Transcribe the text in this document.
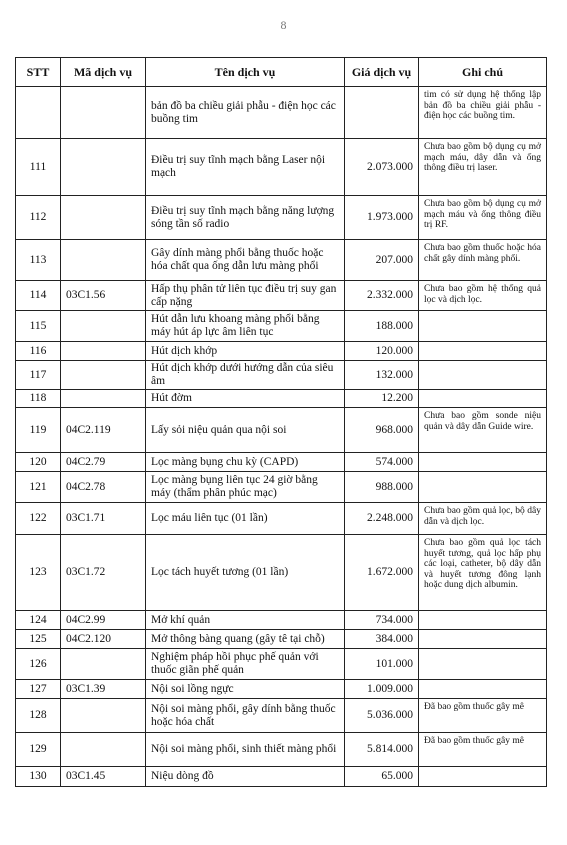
8
STT	Mã dịch vụ	Tên dịch vụ	Giá dịch vụ	Ghi chú
		bản đồ ba chiều giải phẫu - điện học các buồng tim		tim có sử dụng hệ thống lập bản đồ ba chiều giải phẫu - điện học các buồng tim.
111		Điều trị suy tĩnh mạch bằng Laser nội mạch	2.073.000	Chưa bao gồm bộ dụng cụ mở mạch máu, dây dẫn và ống thông điều trị laser.
112		Điều trị suy tĩnh mạch bằng năng lượng sóng tần số radio	1.973.000	Chưa bao gồm bộ dụng cụ mở mạch máu và ống thông điều trị RF.
113		Gây dính màng phổi bằng thuốc hoặc hóa chất qua ống dẫn lưu màng phổi	207.000	Chưa bao gồm thuốc hoặc hóa chất gây dính màng phổi.
114	03C1.56	Hấp thụ phân tử liên tục điều trị suy gan cấp nặng	2.332.000	Chưa bao gồm hệ thống quả lọc và dịch lọc.
115		Hút dẫn lưu khoang màng phổi bằng máy hút áp lực âm liên tục	188.000	
116		Hút dịch khớp	120.000	
117		Hút dịch khớp dưới hướng dẫn của siêu âm	132.000	
118		Hút đờm	12.200	
119	04C2.119	Lấy sỏi niệu quản qua nội soi	968.000	Chưa bao gồm sonde niệu quản và dây dẫn Guide wire.
120	04C2.79	Lọc màng bụng chu kỳ (CAPD)	574.000	
121	04C2.78	Lọc màng bụng liên tục 24 giờ bằng máy (thẩm phân phúc mạc)	988.000	
122	03C1.71	Lọc máu liên tục (01 lần)	2.248.000	Chưa bao gồm quả lọc, bộ dây dẫn và dịch lọc.
123	03C1.72	Lọc tách huyết tương (01 lần)	1.672.000	Chưa bao gồm quả lọc tách huyết tương, quả lọc hấp phụ các loại, catheter, bộ dây dẫn và huyết tương đông lạnh hoặc dung dịch albumin.
124	04C2.99	Mở khí quản	734.000	
125	04C2.120	Mở thông bàng quang (gây tê tại chỗ)	384.000	
126		Nghiệm pháp hồi phục phế quản với thuốc giãn phế quản	101.000	
127	03C1.39	Nội soi lồng ngực	1.009.000	
128		Nội soi màng phổi, gây dính bằng thuốc hoặc hóa chất	5.036.000	Đã bao gồm thuốc gây mê
129		Nội soi màng phổi, sinh thiết màng phổi	5.814.000	Đã bao gồm thuốc gây mê
130	03C1.45	Niệu dòng đồ	65.000	
